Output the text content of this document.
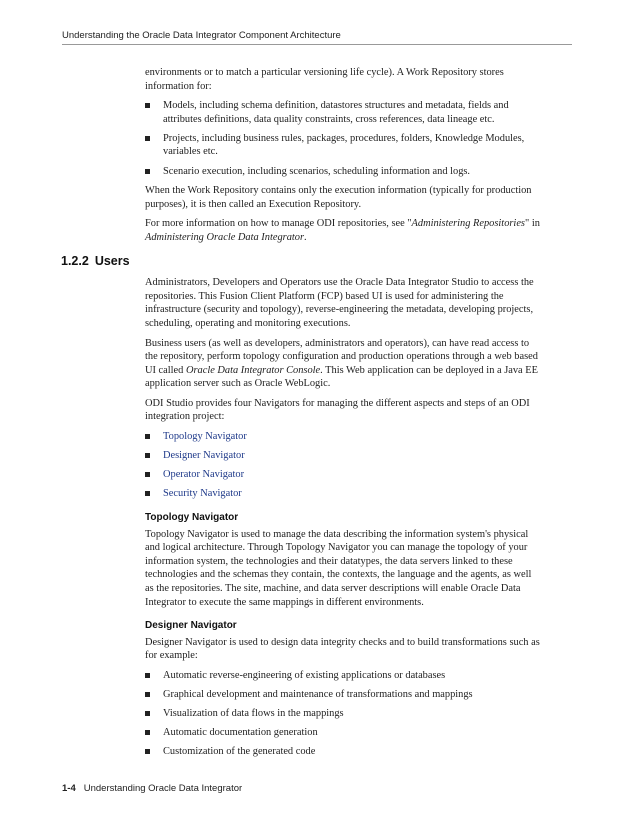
Understanding the Oracle Data Integrator Component Architecture

environments or to match a particular versioning life cycle). A Work Repository stores information for:

Models, including schema definition, datastores structures and metadata, fields and attributes definitions, data quality constraints, cross references, data lineage etc.
Projects, including business rules, packages, procedures, folders, Knowledge Modules, variables etc.
Scenario execution, including scenarios, scheduling information and logs.

When the Work Repository contains only the execution information (typically for production purposes), it is then called an Execution Repository.

For more information on how to manage ODI repositories, see "Administering Repositories" in Administering Oracle Data Integrator.

1.2.2 Users

Administrators, Developers and Operators use the Oracle Data Integrator Studio to access the repositories. This Fusion Client Platform (FCP) based UI is used for administering the infrastructure (security and topology), reverse-engineering the metadata, developing projects, scheduling, operating and monitoring executions.

Business users (as well as developers, administrators and operators), can have read access to the repository, perform topology configuration and production operations through a web based UI called Oracle Data Integrator Console. This Web application can be deployed in a Java EE application server such as Oracle WebLogic.

ODI Studio provides four Navigators for managing the different aspects and steps of an ODI integration project:

Topology Navigator
Designer Navigator
Operator Navigator
Security Navigator
Topology Navigator

Topology Navigator is used to manage the data describing the information system's physical and logical architecture. Through Topology Navigator you can manage the topology of your information system, the technologies and their datatypes, the data servers linked to these technologies and the schemas they contain, the contexts, the language and the agents, as well as the repositories. The site, machine, and data server descriptions will enable Oracle Data Integrator to execute the same mappings in different environments.

Designer Navigator

Designer Navigator is used to design data integrity checks and to build transformations such as for example:

Automatic reverse-engineering of existing applications or databases
Graphical development and maintenance of transformations and mappings
Visualization of data flows in the mappings
Automatic documentation generation
Customization of the generated code
1-4 Understanding Oracle Data Integrator
